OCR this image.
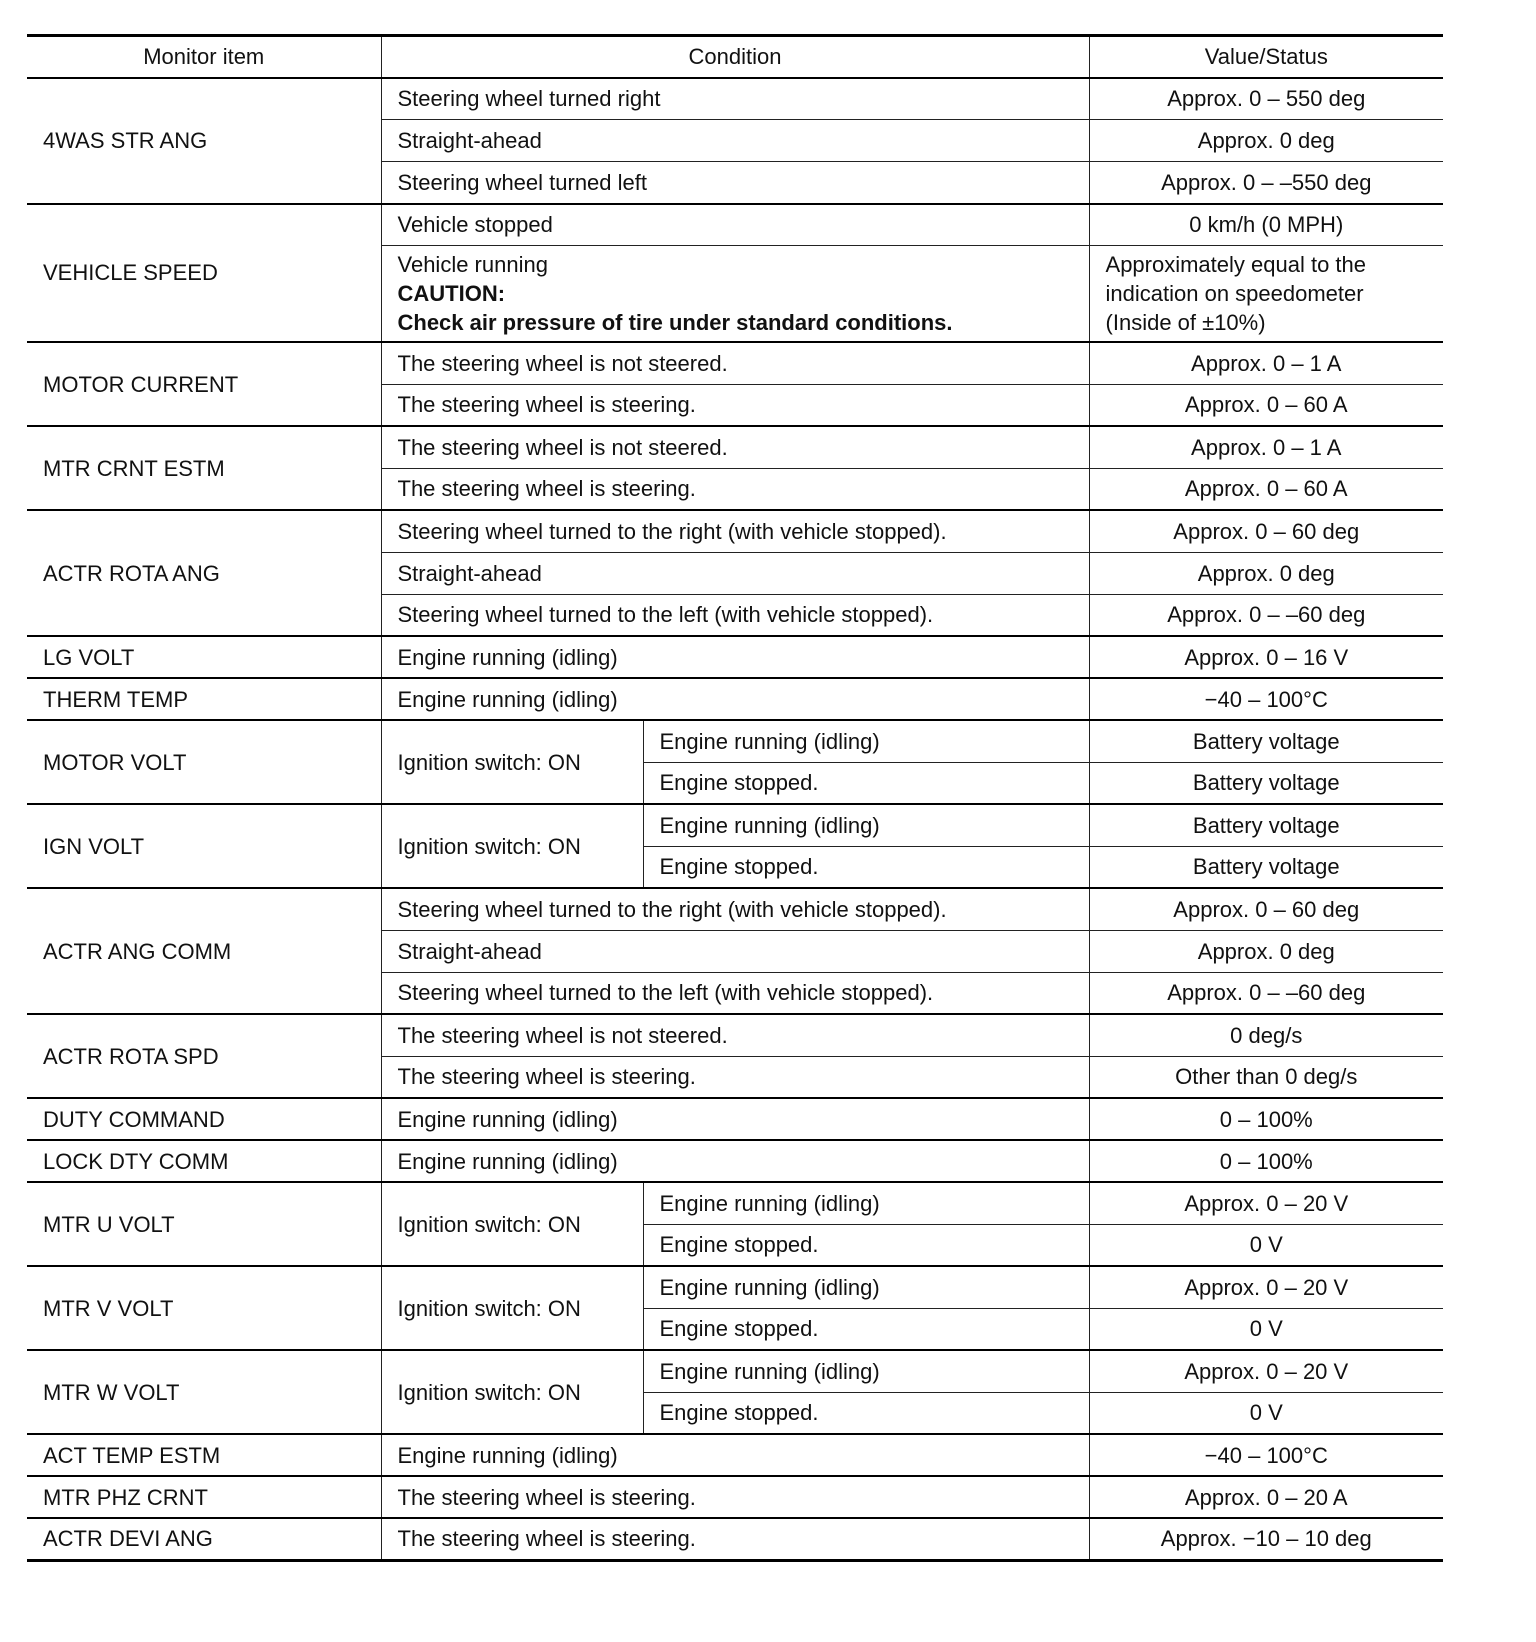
Monitor item	Condition		Value/Status
4WAS STR ANG	Steering wheel turned right		Approx. 0 – 550 deg
	Straight-ahead		Approx. 0 deg
	Steering wheel turned left		Approx. 0 – –550 deg
VEHICLE SPEED	Vehicle stopped		0 km/h (0 MPH)

	Vehicle running
CAUTION:
Check air pressure of tire under standard conditions.		Approximately equal to the indication on speedometer (Inside of ±10%)
MOTOR CURRENT	The steering wheel is not steered.		Approx. 0 – 1 A
	The steering wheel is steering.		Approx. 0 – 60 A
MTR CRNT ESTM	The steering wheel is not steered.		Approx. 0 – 1 A
	The steering wheel is steering.		Approx. 0 – 60 A
ACTR ROTA ANG	Steering wheel turned to the right (with vehicle stopped).		Approx. 0 – 60 deg
	Straight-ahead		Approx. 0 deg
	Steering wheel turned to the left (with vehicle stopped).		Approx. 0 – –60 deg
LG VOLT	Engine running (idling)		Approx. 0 – 16 V
THERM TEMP	Engine running (idling)		−40 – 100°C
MOTOR VOLT	Ignition switch: ON	Engine running (idling)	Battery voltage
		Engine stopped.	Battery voltage
IGN VOLT	Ignition switch: ON	Engine running (idling)	Battery voltage
		Engine stopped.	Battery voltage
ACTR ANG COMM	Steering wheel turned to the right (with vehicle stopped).		Approx. 0 – 60 deg
	Straight-ahead		Approx. 0 deg
	Steering wheel turned to the left (with vehicle stopped).		Approx. 0 – –60 deg
ACTR ROTA SPD	The steering wheel is not steered.		0 deg/s
	The steering wheel is steering.		Other than 0 deg/s
DUTY COMMAND	Engine running (idling)		0 – 100%
LOCK DTY COMM	Engine running (idling)		0 – 100%
MTR U VOLT	Ignition switch: ON	Engine running (idling)	Approx. 0 – 20 V
		Engine stopped.	0 V
MTR V VOLT	Ignition switch: ON	Engine running (idling)	Approx. 0 – 20 V
		Engine stopped.	0 V
MTR W VOLT	Ignition switch: ON	Engine running (idling)	Approx. 0 – 20 V
		Engine stopped.	0 V
ACT TEMP ESTM	Engine running (idling)		−40 – 100°C
MTR PHZ CRNT	The steering wheel is steering.		Approx. 0 – 20 A
ACTR DEVI ANG	The steering wheel is steering.		Approx. −10 – 10 deg
